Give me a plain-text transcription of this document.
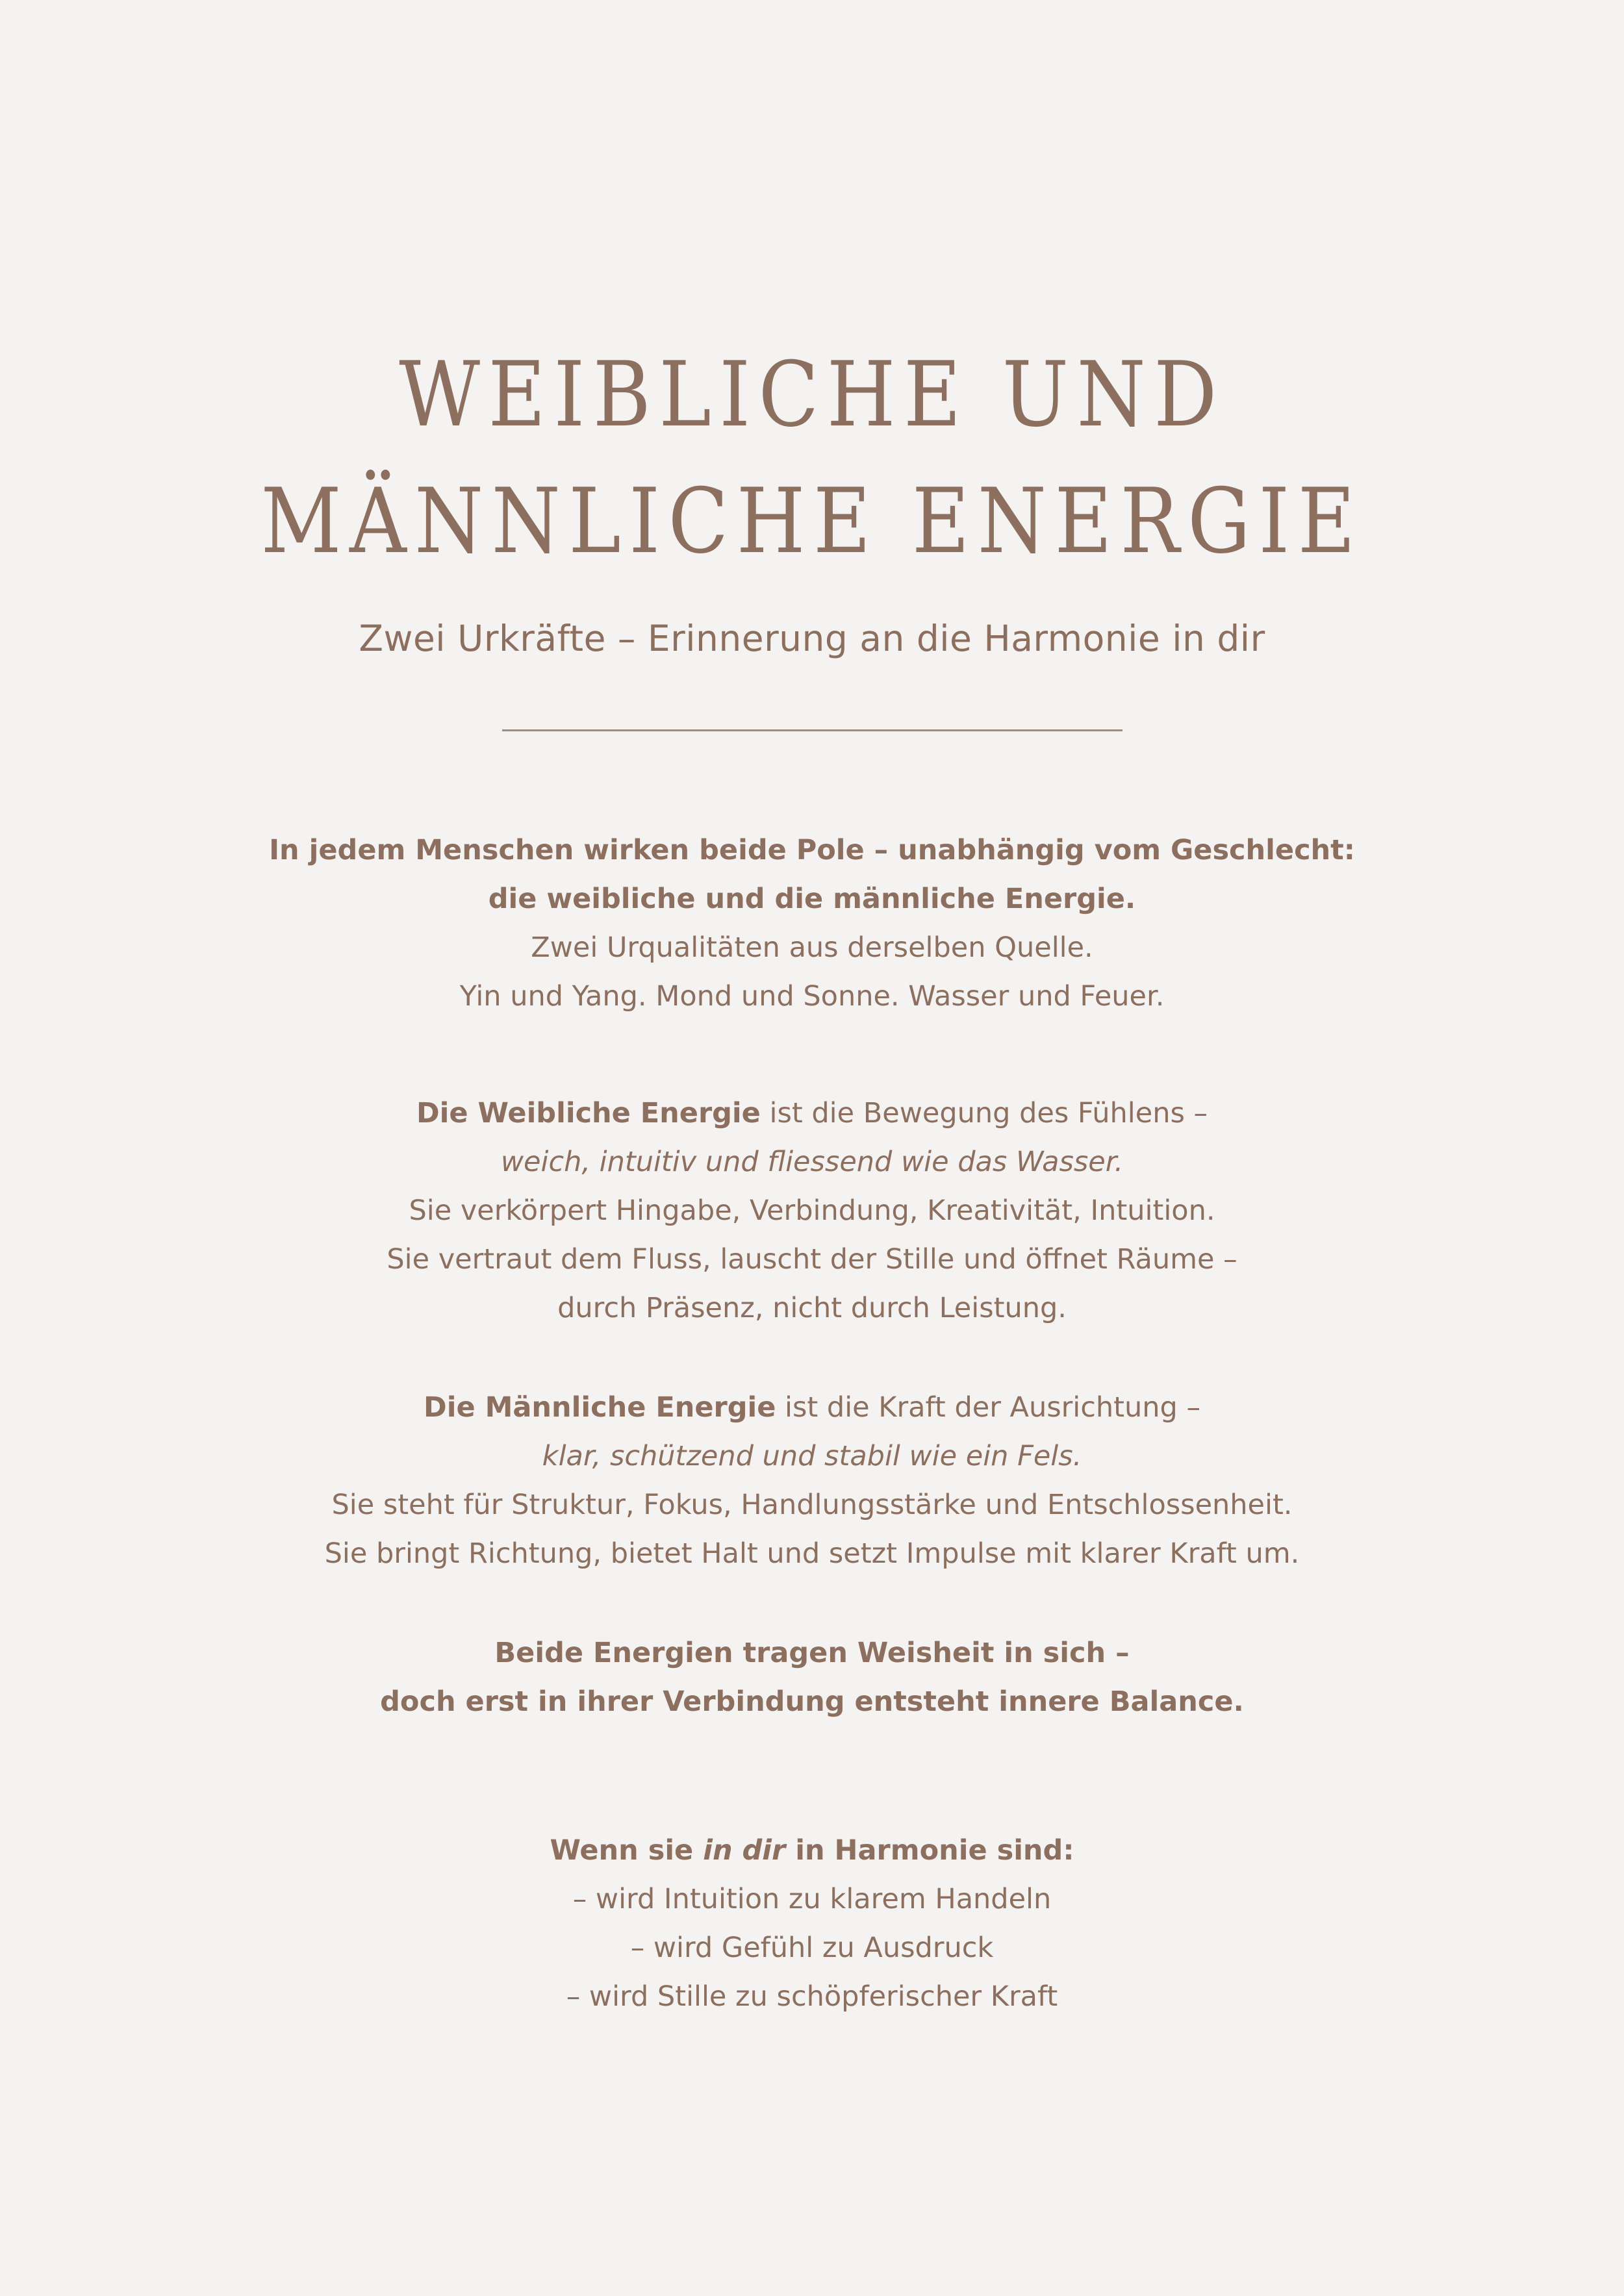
WEIBLICHE UND
MÄNNLICHE ENERGIE
Zwei Urkräfte – Erinnerung an die Harmonie in dir
In jedem Menschen wirken beide Pole – unabhängig vom Geschlecht:
die weibliche und die männliche Energie.
Zwei Urqualitäten aus derselben Quelle.
Yin und Yang. Mond und Sonne. Wasser und Feuer.
Die Weibliche Energie ist die Bewegung des Fühlens –
weich, intuitiv und fliessend wie das Wasser.
Sie verkörpert Hingabe, Verbindung, Kreativität, Intuition.
Sie vertraut dem Fluss, lauscht der Stille und öffnet Räume –
durch Präsenz, nicht durch Leistung.
Die Männliche Energie ist die Kraft der Ausrichtung –
klar, schützend und stabil wie ein Fels.
Sie steht für Struktur, Fokus, Handlungsstärke und Entschlossenheit.
Sie bringt Richtung, bietet Halt und setzt Impulse mit klarer Kraft um.
Beide Energien tragen Weisheit in sich –
doch erst in ihrer Verbindung entsteht innere Balance.
Wenn sie in dir in Harmonie sind:
– wird Intuition zu klarem Handeln
– wird Gefühl zu Ausdruck
– wird Stille zu schöpferischer Kraft
